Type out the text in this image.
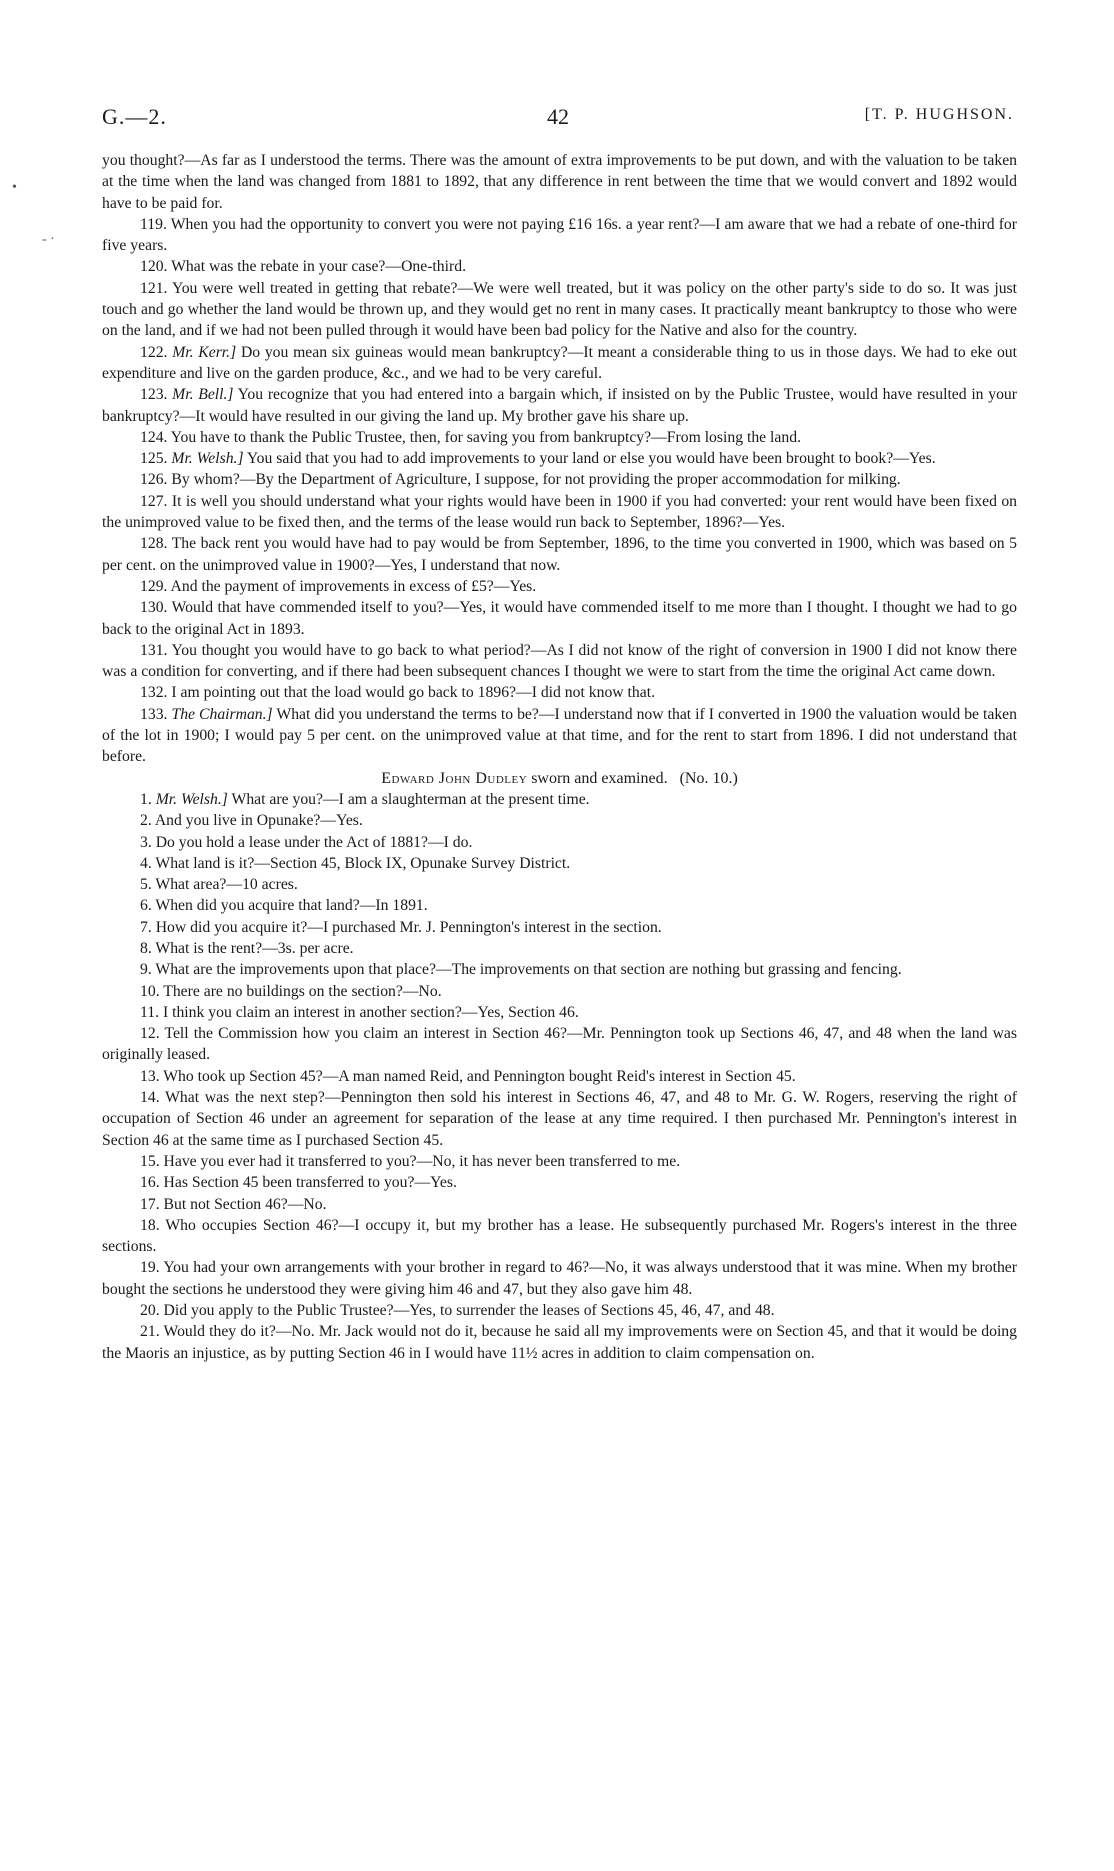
•
‐ ·
G.—2.	42	[T. P. HUGHSON.

you thought?—As far as I understood the terms. There was the amount of extra improvements to be put down, and with the valuation to be taken at the time when the land was changed from 1881 to 1892, that any difference in rent between the time that we would convert and 1892 would have to be paid for.

119. When you had the opportunity to convert you were not paying £16 16s. a year rent?—I am aware that we had a rebate of one-third for five years.

120. What was the rebate in your case?—One-third.

121. You were well treated in getting that rebate?—We were well treated, but it was policy on the other party's side to do so. It was just touch and go whether the land would be thrown up, and they would get no rent in many cases. It practically meant bankruptcy to those who were on the land, and if we had not been pulled through it would have been bad policy for the Native and also for the country.

122. Mr. Kerr.] Do you mean six guineas would mean bankruptcy?—It meant a considerable thing to us in those days. We had to eke out expenditure and live on the garden produce, &c., and we had to be very careful.

123. Mr. Bell.] You recognize that you had entered into a bargain which, if insisted on by the Public Trustee, would have resulted in your bankruptcy?—It would have resulted in our giving the land up. My brother gave his share up.

124. You have to thank the Public Trustee, then, for saving you from bankruptcy?—From losing the land.

125. Mr. Welsh.] You said that you had to add improvements to your land or else you would have been brought to book?—Yes.

126. By whom?—By the Department of Agriculture, I suppose, for not providing the proper accommodation for milking.

127. It is well you should understand what your rights would have been in 1900 if you had converted: your rent would have been fixed on the unimproved value to be fixed then, and the terms of the lease would run back to September, 1896?—Yes.

128. The back rent you would have had to pay would be from September, 1896, to the time you converted in 1900, which was based on 5 per cent. on the unimproved value in 1900?—Yes, I understand that now.

129. And the payment of improvements in excess of £5?—Yes.

130. Would that have commended itself to you?—Yes, it would have commended itself to me more than I thought. I thought we had to go back to the original Act in 1893.

131. You thought you would have to go back to what period?—As I did not know of the right of conversion in 1900 I did not know there was a condition for converting, and if there had been subsequent chances I thought we were to start from the time the original Act came down.

132. I am pointing out that the load would go back to 1896?—I did not know that.

133. The Chairman.] What did you understand the terms to be?—I understand now that if I converted in 1900 the valuation would be taken of the lot in 1900; I would pay 5 per cent. on the unimproved value at that time, and for the rent to start from 1896. I did not understand that before.

Edward John Dudley sworn and examined. (No. 10.)

1. Mr. Welsh.] What are you?—I am a slaughterman at the present time.

2. And you live in Opunake?—Yes.

3. Do you hold a lease under the Act of 1881?—I do.

4. What land is it?—Section 45, Block IX, Opunake Survey District.

5. What area?—10 acres.

6. When did you acquire that land?—In 1891.

7. How did you acquire it?—I purchased Mr. J. Pennington's interest in the section.

8. What is the rent?—3s. per acre.

9. What are the improvements upon that place?—The improvements on that section are nothing but grassing and fencing.

10. There are no buildings on the section?—No.

11. I think you claim an interest in another section?—Yes, Section 46.

12. Tell the Commission how you claim an interest in Section 46?—Mr. Pennington took up Sections 46, 47, and 48 when the land was originally leased.

13. Who took up Section 45?—A man named Reid, and Pennington bought Reid's interest in Section 45.

14. What was the next step?—Pennington then sold his interest in Sections 46, 47, and 48 to Mr. G. W. Rogers, reserving the right of occupation of Section 46 under an agreement for separation of the lease at any time required. I then purchased Mr. Pennington's interest in Section 46 at the same time as I purchased Section 45.

15. Have you ever had it transferred to you?—No, it has never been transferred to me.

16. Has Section 45 been transferred to you?—Yes.

17. But not Section 46?—No.

18. Who occupies Section 46?—I occupy it, but my brother has a lease. He subsequently purchased Mr. Rogers's interest in the three sections.

19. You had your own arrangements with your brother in regard to 46?—No, it was always understood that it was mine. When my brother bought the sections he understood they were giving him 46 and 47, but they also gave him 48.

20. Did you apply to the Public Trustee?—Yes, to surrender the leases of Sections 45, 46, 47, and 48.

21. Would they do it?—No. Mr. Jack would not do it, because he said all my improvements were on Section 45, and that it would be doing the Maoris an injustice, as by putting Section 46 in I would have 11½ acres in addition to claim compensation on.
